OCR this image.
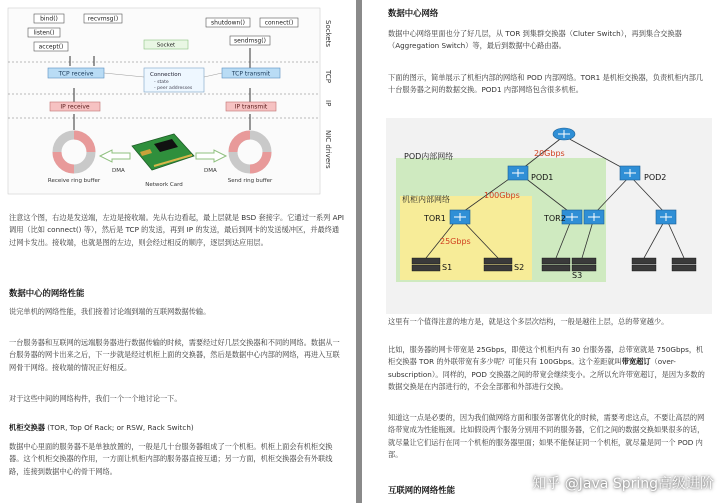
bind()	recvmsg()
listen()
accept()
shutdown()	connect()
sendmsg()
Socket
TCP receive	TCP transmit
Connection
- state
- peer addresses
IP receive	IP transmit
Receive ring buffer	Send ring buffer
DMA	DMA
Network Card
Sockets
TCP
IP
NIC drivers

注意这个图，右边是发送端，左边是接收端。先从右边看起，最上层就是 BSD 套接字。它通过一系列 API 调用（比如 connect() 等），然后是 TCP 的发送，再到 IP 的发送，最后到网卡的发送缓冲区，并最终通过网卡发出。接收端，也就是图的左边，则会经过相反的顺序，逐层到达应用层。

数据中心的网络性能

说完单机的网络性能，我们接着讨论端到端的互联网数据传输。

一台服务器和互联网的远端服务器进行数据传输的时候，需要经过好几层交换器和不同的网络。数据从一台服务器的网卡出来之后，下一步就是经过机柜上面的交换器，然后是数据中心内部的网络，再进入互联网骨干网络。接收端的情况正好相反。

对于这些中间的网络构件，我们一个一个地讨论一下。

机柜交换器 (TOR, Top Of Rack; or RSW, Rack Switch)

数据中心里面的服务器不是单独放置的，一般是几十台服务器组成了一个机柜。机柜上面会有机柜交换器。这个机柜交换器的作用，一方面让机柜内部的服务器直接互通；另一方面，机柜交换器会有外联线路，连接到数据中心的骨干网络。

数据中心网络

数据中心网络里面也分了好几层，从 TOR 到集群交换器（Cluter Switch），再到集合交换器（Aggregation Switch）等，最后到数据中心路由器。

下面的图示，简单展示了机柜内部的网络和 POD 内部网络。TOR1 是机柜交换器，负责机柜内部几十台服务器之间的数据交换。POD1 内部网络包含很多机柜。

POD内部网络
机柜内部网络
20Gbps
100Gbps
25Gbps
POD1	POD2
TOR1	TOR2
S1	S2
S3

这里有一个值得注意的地方是，就是这个多层次结构，一般是越往上层，总的带宽越少。

比如，服务器的网卡带宽是 25Gbps，即使这个机柜内有 30 台服务器，总带宽就是 750Gbps，机柜交换器 TOR 的外联带宽有多少呢？可能只有 100Gbps。这个差距就叫带宽超订（over-subscription）。同样的，POD 交换器之间的带宽会继续变小。之所以允许带宽超订，是因为多数的数据交换是在内部进行的，不会全部都和外部进行交换。

知道这一点是必要的，因为我们做网络方面和服务部署优化的时候，需要考虑这点，不要让高层的网络带宽成为性能瓶颈。比如假设两个服务分别用不同的服务器，它们之间的数据交换如果很多的话，就尽量让它们运行在同一个机柜的服务器里面；如果不能保证同一个机柜，就尽量是同一个 POD 内部。

互联网的网络性能	知乎 @Java Spring高级进阶
